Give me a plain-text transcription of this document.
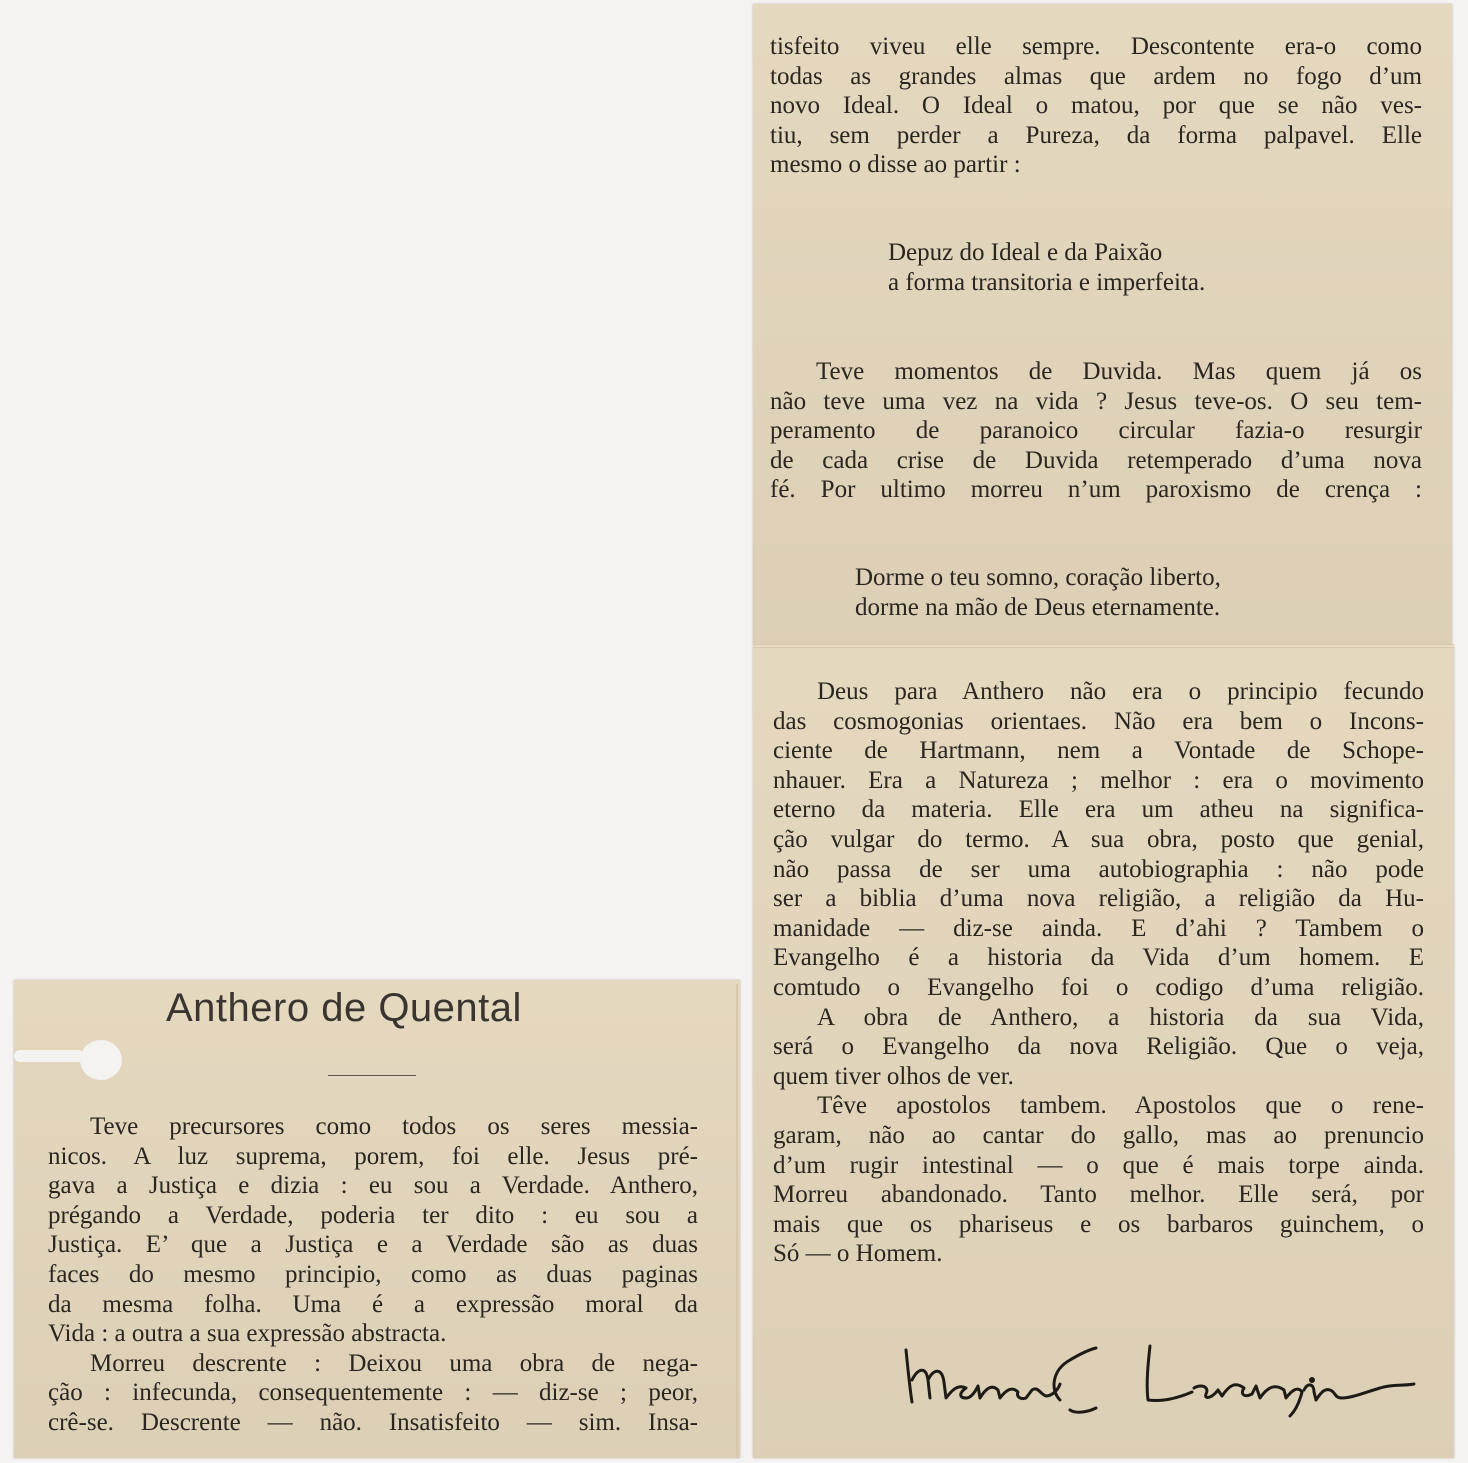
Anthero de Quental
Teve precursores como todos os seres messia-
nicos. A luz suprema, porem, foi elle. Jesus pré-
gava a Justiça e dizia : eu sou a Verdade. Anthero,
prégando a Verdade, poderia ter dito : eu sou a
Justiça. E’ que a Justiça e a Verdade são as duas
faces do mesmo principio, como as duas paginas
da mesma folha. Uma é a expressão moral da
Vida : a outra a sua expressão abstracta.
Morreu descrente : Deixou uma obra de nega-
ção : infecunda, consequentemente : — diz-se ; peor,
crê-se. Descrente — não. Insatisfeito — sim. Insa-
tisfeito viveu elle sempre. Descontente era-o como
todas as grandes almas que ardem no fogo d’um
novo Ideal. O Ideal o matou, por que se não ves-
tiu, sem perder a Pureza, da forma palpavel. Elle
mesmo o disse ao partir :
Depuz do Ideal e da Paixão
a forma transitoria e imperfeita.
Teve momentos de Duvida. Mas quem já os
não teve uma vez na vida ? Jesus teve-os. O seu tem-
peramento de paranoico circular fazia-o resurgir
de cada crise de Duvida retemperado d’uma nova
fé. Por ultimo morreu n’um paroxismo de crença :
Dorme o teu somno, coração liberto,
dorme na mão de Deus eternamente.
Deus para Anthero não era o principio fecundo
das cosmogonias orientaes. Não era bem o Incons-
ciente de Hartmann, nem a Vontade de Schope-
nhauer. Era a Natureza ; melhor : era o movimento
eterno da materia. Elle era um atheu na significa-
ção vulgar do termo. A sua obra, posto que genial,
não passa de ser uma autobiographia : não pode
ser a biblia d’uma nova religião, a religião da Hu-
manidade — diz-se ainda. E d’ahi ? Tambem o
Evangelho é a historia da Vida d’um homem. E
comtudo o Evangelho foi o codigo d’uma religião.
A obra de Anthero, a historia da sua Vida,
será o Evangelho da nova Religião. Que o veja,
quem tiver olhos de ver.
Têve apostolos tambem. Apostolos que o rene-
garam, não ao cantar do gallo, mas ao prenuncio
d’um rugir intestinal — o que é mais torpe ainda.
Morreu abandonado. Tanto melhor. Elle será, por
mais que os phariseus e os barbaros guinchem, o
Só — o Homem.
